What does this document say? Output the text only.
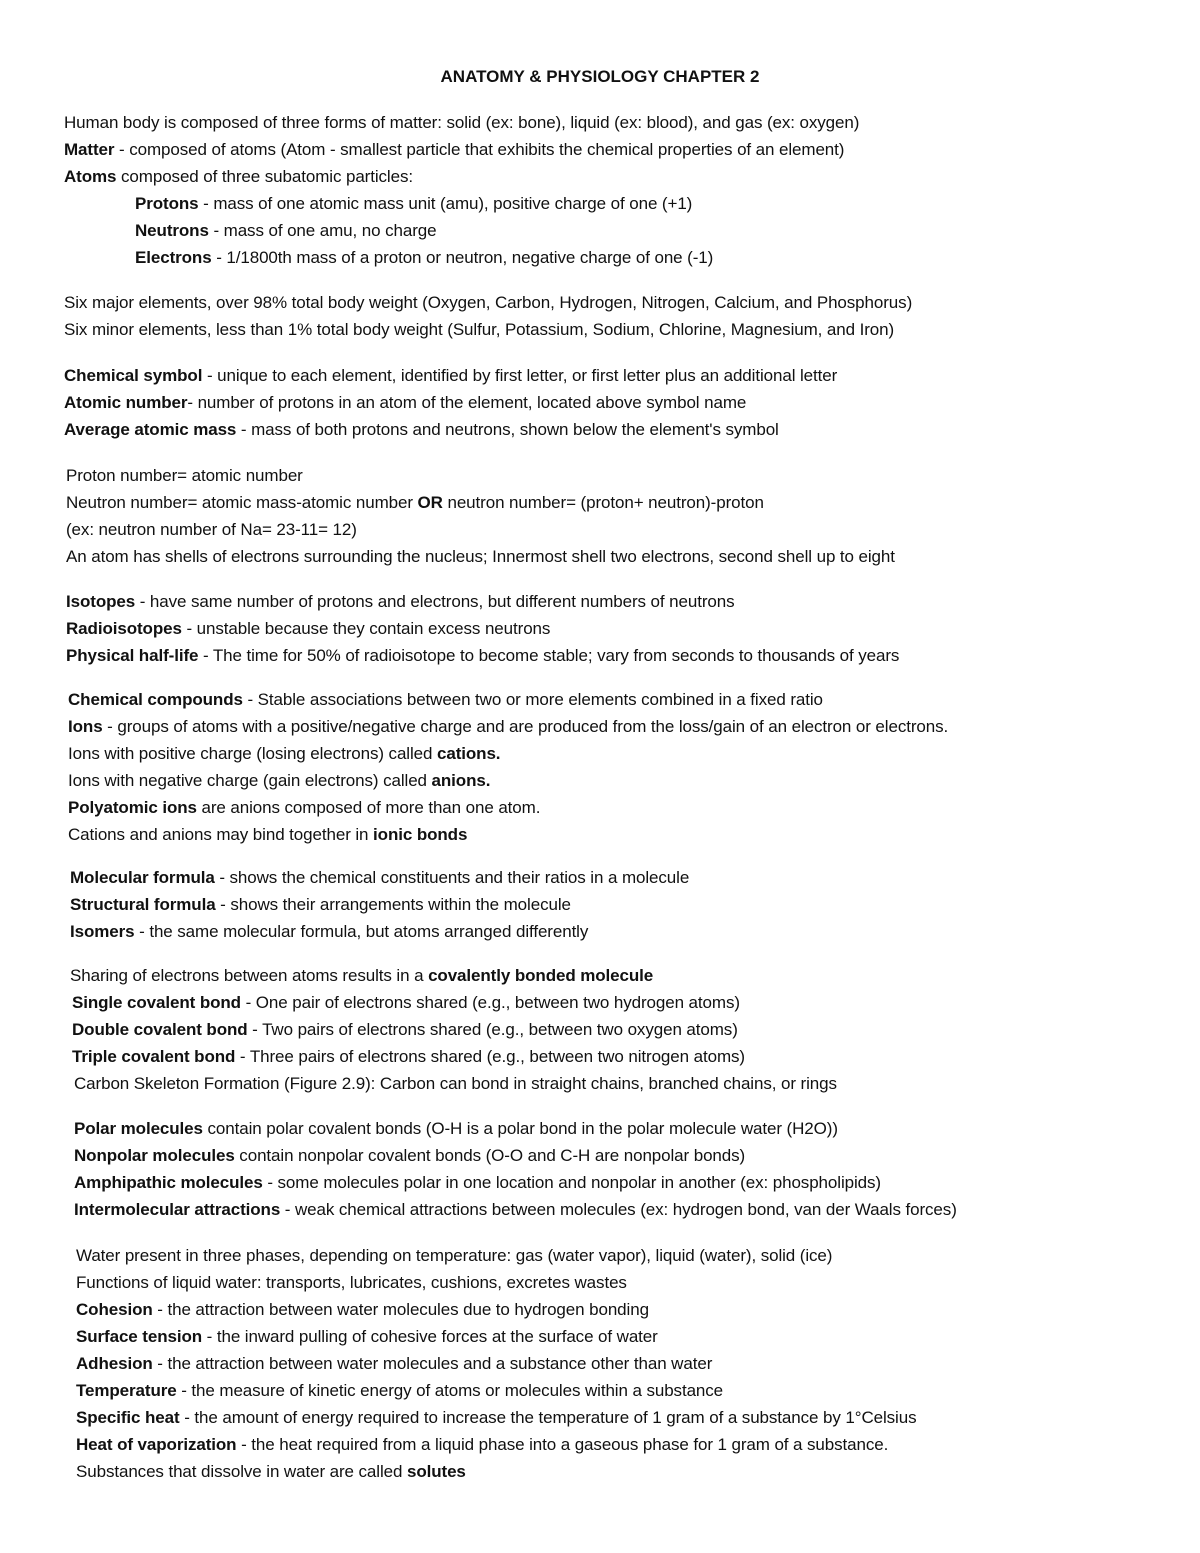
ANATOMY & PHYSIOLOGY CHAPTER 2
Human body is composed of three forms of matter: solid (ex: bone), liquid (ex: blood), and gas (ex: oxygen)
Matter - composed of atoms (Atom - smallest particle that exhibits the chemical properties of an element)
Atoms composed of three subatomic particles:
Protons - mass of one atomic mass unit (amu), positive charge of one (+1)
Neutrons - mass of one amu, no charge
Electrons - 1/1800th mass of a proton or neutron, negative charge of one (-1)
Six major elements, over 98% total body weight (Oxygen, Carbon, Hydrogen, Nitrogen, Calcium, and Phosphorus)
Six minor elements, less than 1% total body weight (Sulfur, Potassium, Sodium, Chlorine, Magnesium, and Iron)
Chemical symbol - unique to each element, identified by first letter, or first letter plus an additional letter
Atomic number- number of protons in an atom of the element, located above symbol name
Average atomic mass - mass of both protons and neutrons, shown below the element's symbol
Proton number= atomic number
Neutron number= atomic mass-atomic number OR neutron number= (proton+ neutron)-proton
(ex: neutron number of Na= 23-11= 12)
An atom has shells of electrons surrounding the nucleus; Innermost shell two electrons, second shell up to eight
Isotopes - have same number of protons and electrons, but different numbers of neutrons
Radioisotopes - unstable because they contain excess neutrons
Physical half-life - The time for 50% of radioisotope to become stable; vary from seconds to thousands of years
Chemical compounds - Stable associations between two or more elements combined in a fixed ratio
Ions - groups of atoms with a positive/negative charge and are produced from the loss/gain of an electron or electrons.
Ions with positive charge (losing electrons) called cations.
Ions with negative charge (gain electrons) called anions.
Polyatomic ions are anions composed of more than one atom.
Cations and anions may bind together in ionic bonds
Molecular formula - shows the chemical constituents and their ratios in a molecule
Structural formula - shows their arrangements within the molecule
Isomers - the same molecular formula, but atoms arranged differently
Sharing of electrons between atoms results in a covalently bonded molecule
Single covalent bond - One pair of electrons shared (e.g., between two hydrogen atoms)
Double covalent bond - Two pairs of electrons shared (e.g., between two oxygen atoms)
Triple covalent bond - Three pairs of electrons shared (e.g., between two nitrogen atoms)
Carbon Skeleton Formation (Figure 2.9): Carbon can bond in straight chains, branched chains, or rings
Polar molecules contain polar covalent bonds (O-H is a polar bond in the polar molecule water (H2O))
Nonpolar molecules contain nonpolar covalent bonds (O-O and C-H are nonpolar bonds)
Amphipathic molecules - some molecules polar in one location and nonpolar in another (ex: phospholipids)
Intermolecular attractions - weak chemical attractions between molecules (ex: hydrogen bond, van der Waals forces)
Water present in three phases, depending on temperature: gas (water vapor), liquid (water), solid (ice)
Functions of liquid water: transports, lubricates, cushions, excretes wastes
Cohesion - the attraction between water molecules due to hydrogen bonding
Surface tension - the inward pulling of cohesive forces at the surface of water
Adhesion - the attraction between water molecules and a substance other than water
Temperature - the measure of kinetic energy of atoms or molecules within a substance
Specific heat - the amount of energy required to increase the temperature of 1 gram of a substance by 1°Celsius
Heat of vaporization - the heat required from a liquid phase into a gaseous phase for 1 gram of a substance.
Substances that dissolve in water are called solutes
